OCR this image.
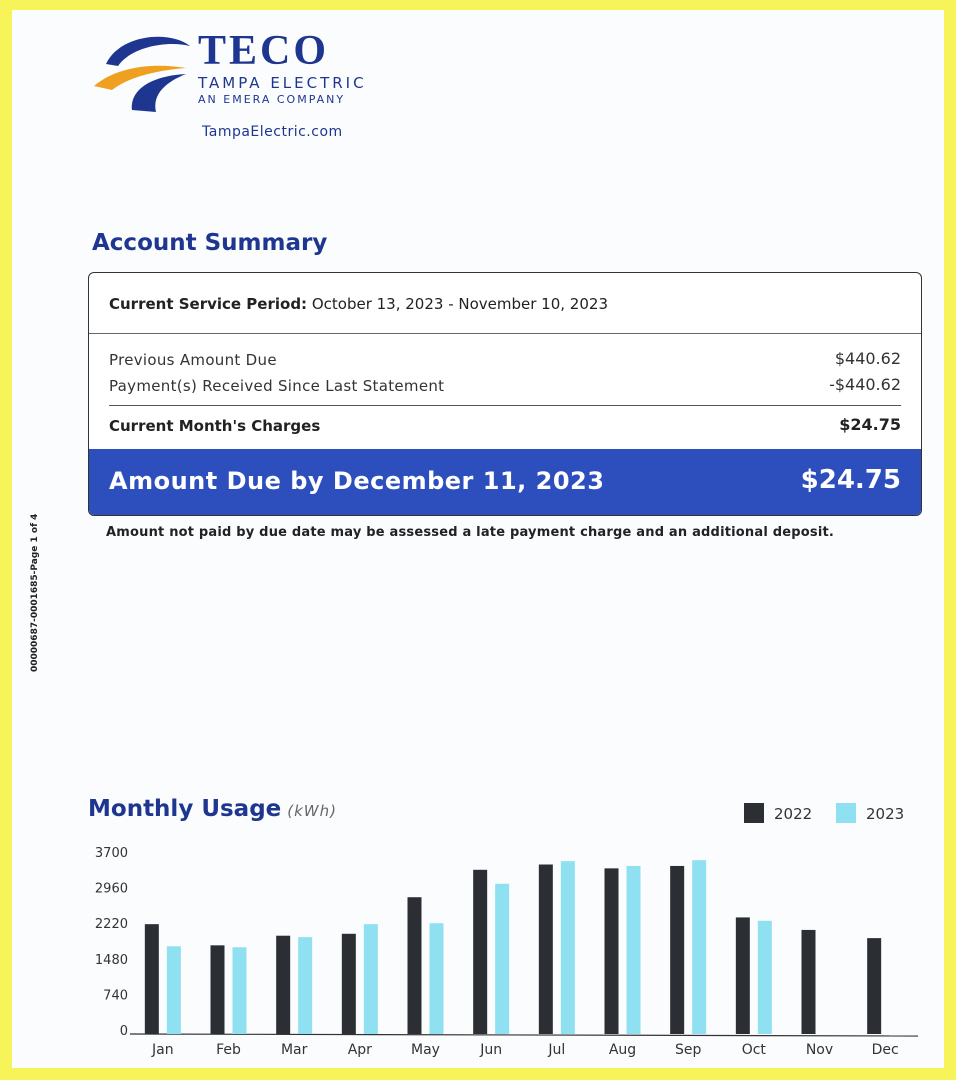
TECO
TAMPA ELECTRIC
AN EMERA COMPANY
TampaElectric.com
00000687-0001685-Page 1 of 4
Account Summary
Current Service Period: October 13, 2023 - November 10, 2023
Previous Amount Due	$440.62
Payment(s) Received Since Last Statement	-$440.62
Current Month's Charges	$24.75
Amount Due by December 11, 2023	$24.75
Amount not paid by due date may be assessed a late payment charge and an additional deposit.
Monthly Usage (kWh)	2022	2023
0
740
1480
2220
2960
3700
Jan	Feb	Mar	Apr	May	Jun	Jul	Aug	Sep	Oct	Nov	Dec
